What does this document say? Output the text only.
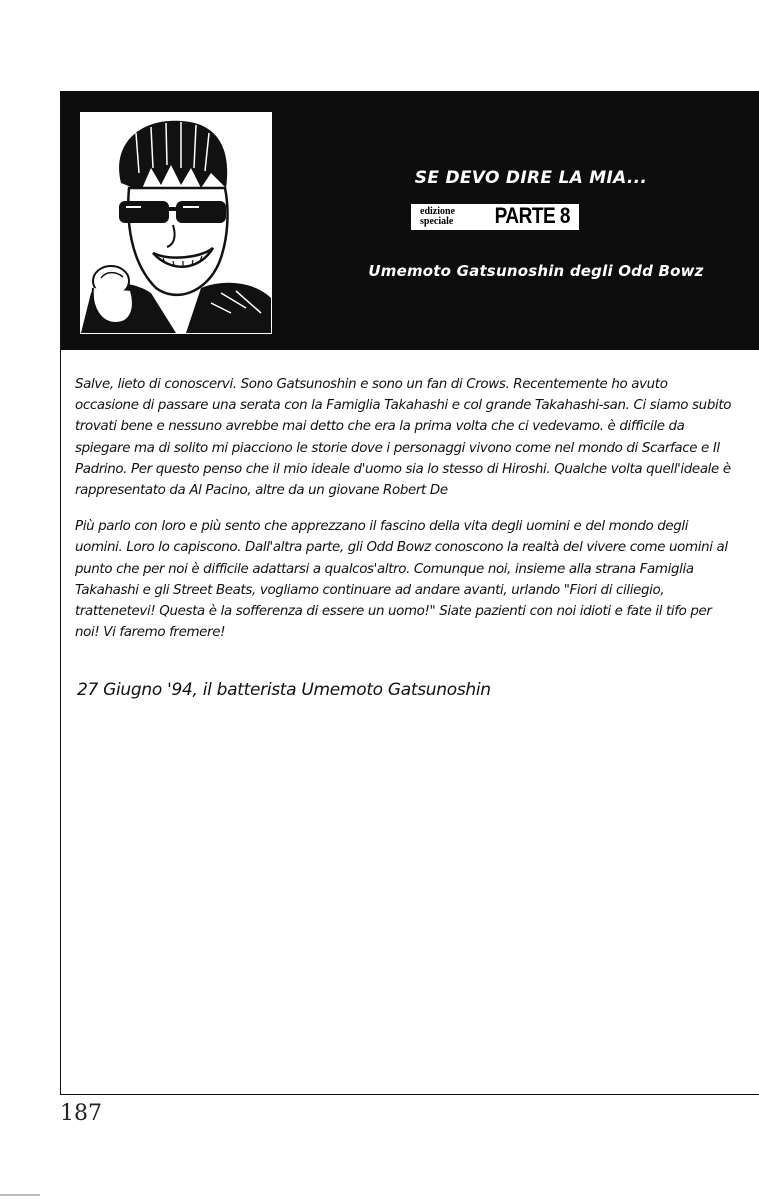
SE DEVO DIRE LA MIA...
edizione
speciale	PARTE 8
Umemoto Gatsunoshin degli Odd Bowz

Salve, lieto di conoscervi. Sono Gatsunoshin e sono un fan di Crows. Recentemente ho avuto occasione di passare una serata con la Famiglia Takahashi e col grande Takahashi-san. Ci siamo subito trovati bene e nessuno avrebbe mai detto che era la prima volta che ci vedevamo. è difficile da spiegare ma di solito mi piacciono le storie dove i personaggi vivono come nel mondo di Scarface e Il Padrino. Per questo penso che il mio ideale d'uomo sia lo stesso di Hiroshi. Qualche volta quell'ideale è rappresentato da Al Pacino, altre da un giovane Robert De

Più parlo con loro e più sento che apprezzano il fascino della vita degli uomini e del mondo degli uomini. Loro lo capiscono. Dall'altra parte, gli Odd Bowz conoscono la realtà del vivere come uomini al punto che per noi è difficile adattarsi a qualcos'altro. Comunque noi, insieme alla strana Famiglia Takahashi e gli Street Beats, vogliamo continuare ad andare avanti, urlando "Fiori di ciliegio, trattenetevi! Questa è la sofferenza di essere un uomo!" Siate pazienti con noi idioti e fate il tifo per noi! Vi faremo fremere!

27 Giugno '94, il batterista Umemoto Gatsunoshin
187
